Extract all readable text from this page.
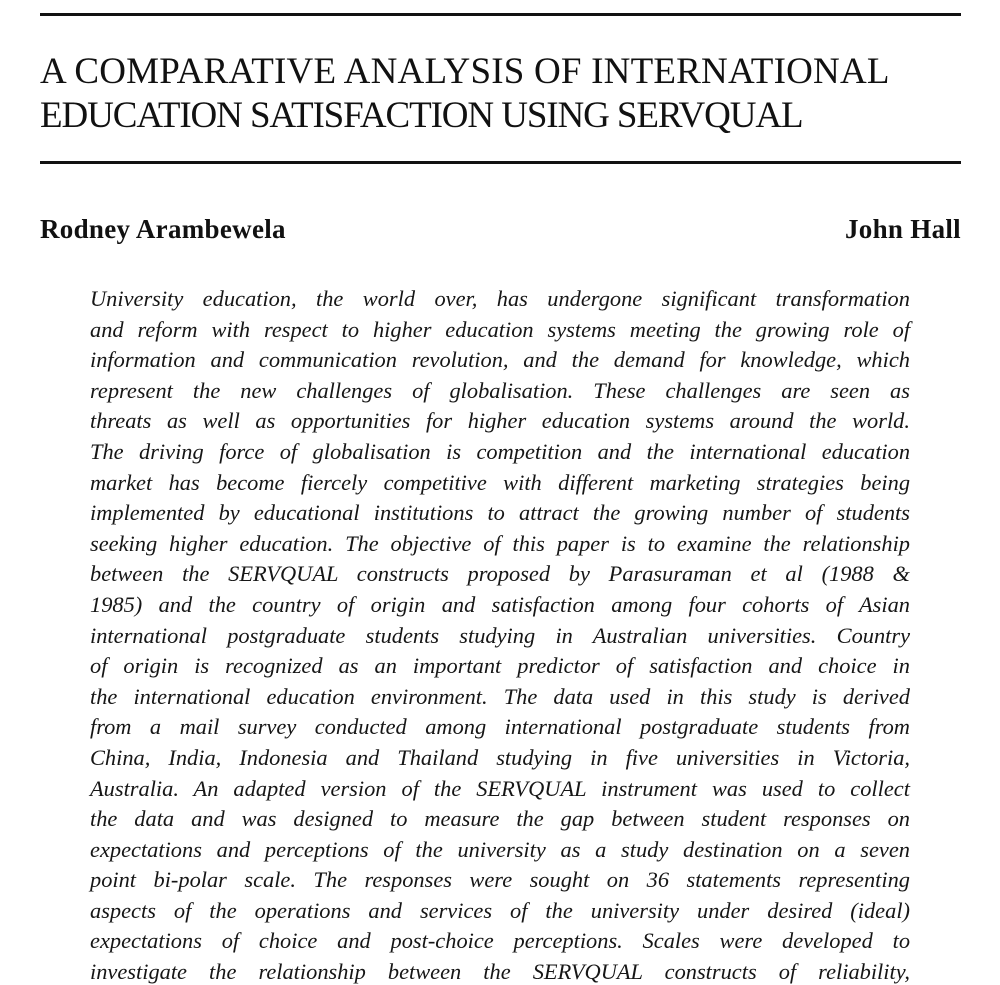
A COMPARATIVE ANALYSIS OF INTERNATIONAL
EDUCATION SATISFACTION USING SERVQUAL
Rodney Arambewela	John Hall
University education, the world over, has undergone significant transformation
and reform with respect to higher education systems meeting the growing role of
information and communication revolution, and the demand for knowledge, which
represent the new challenges of globalisation. These challenges are seen as
threats as well as opportunities for higher education systems around the world.
The driving force of globalisation is competition and the international education
market has become fiercely competitive with different marketing strategies being
implemented by educational institutions to attract the growing number of students
seeking higher education. The objective of this paper is to examine the relationship
between the SERVQUAL constructs proposed by Parasuraman et al (1988 &
1985) and the country of origin and satisfaction among four cohorts of Asian
international postgraduate students studying in Australian universities. Country
of origin is recognized as an important predictor of satisfaction and choice in
the international education environment. The data used in this study is derived
from a mail survey conducted among international postgraduate students from
China, India, Indonesia and Thailand studying in five universities in Victoria,
Australia. An adapted version of the SERVQUAL instrument was used to collect
the data and was designed to measure the gap between student responses on
expectations and perceptions of the university as a study destination on a seven
point bi-polar scale. The responses were sought on 36 statements representing
aspects of the operations and services of the university under desired (ideal)
expectations of choice and post-choice perceptions. Scales were developed to
investigate the relationship between the SERVQUAL constructs of reliability,
